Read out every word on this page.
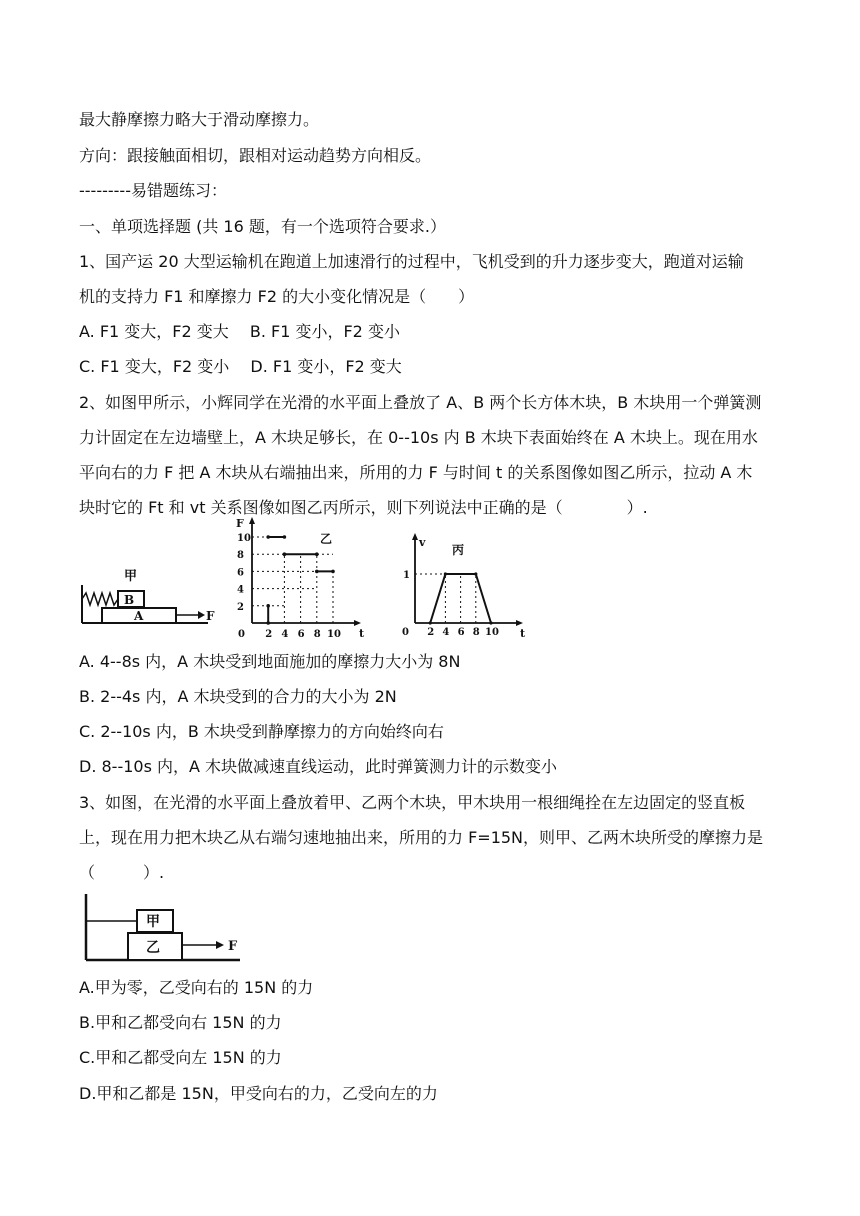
最大静摩擦力略大于滑动摩擦力。
方向：跟接触面相切，跟相对运动趋势方向相反。
---------易错题练习：
一、单项选择题 (共 16 题，有一个选项符合要求.）
1、国产运 20 大型运输机在跑道上加速滑行的过程中，飞机受到的升力逐步变大，跑道对运输
机的支持力 F1 和摩擦力 F2 的大小变化情况是（　　）
A. F1 变大，F2 变大　 B. F1 变小，F2 变小
C. F1 变大，F2 变小　 D. F1 变小，F2 变大
2、如图甲所示，小辉同学在光滑的水平面上叠放了 A、B 两个长方体木块，B 木块用一个弹簧测
力计固定在左边墙壁上，A 木块足够长，在 0--10s 内 B 木块下表面始终在 A 木块上。现在用水
平向右的力 F 把 A 木块从右端抽出来，所用的力 F 与时间 t 的关系图像如图乙所示，拉动 A 木
块时它的 Ft 和 vt 关系图像如图乙丙所示，则下列说法中正确的是（　　　　）.
甲
B
A	F
F
t
乙
2
4
6
8
10
0 2 4 6 8 10
v
t
丙
1
0 2 4 6 8 10
A. 4--8s 内，A 木块受到地面施加的摩擦力大小为 8N
B. 2--4s 内，A 木块受到的合力的大小为 2N
C. 2--10s 内，B 木块受到静摩擦力的方向始终向右
D. 8--10s 内，A 木块做减速直线运动，此时弹簧测力计的示数变小
3、如图，在光滑的水平面上叠放着甲、乙两个木块，甲木块用一根细绳拴在左边固定的竖直板
上，现在用力把木块乙从右端匀速地抽出来，所用的力 F=15N，则甲、乙两木块所受的摩擦力是
（　　　）.
甲
乙	F
A.甲为零，乙受向右的 15N 的力
B.甲和乙都受向右 15N 的力
C.甲和乙都受向左 15N 的力
D.甲和乙都是 15N，甲受向右的力，乙受向左的力
